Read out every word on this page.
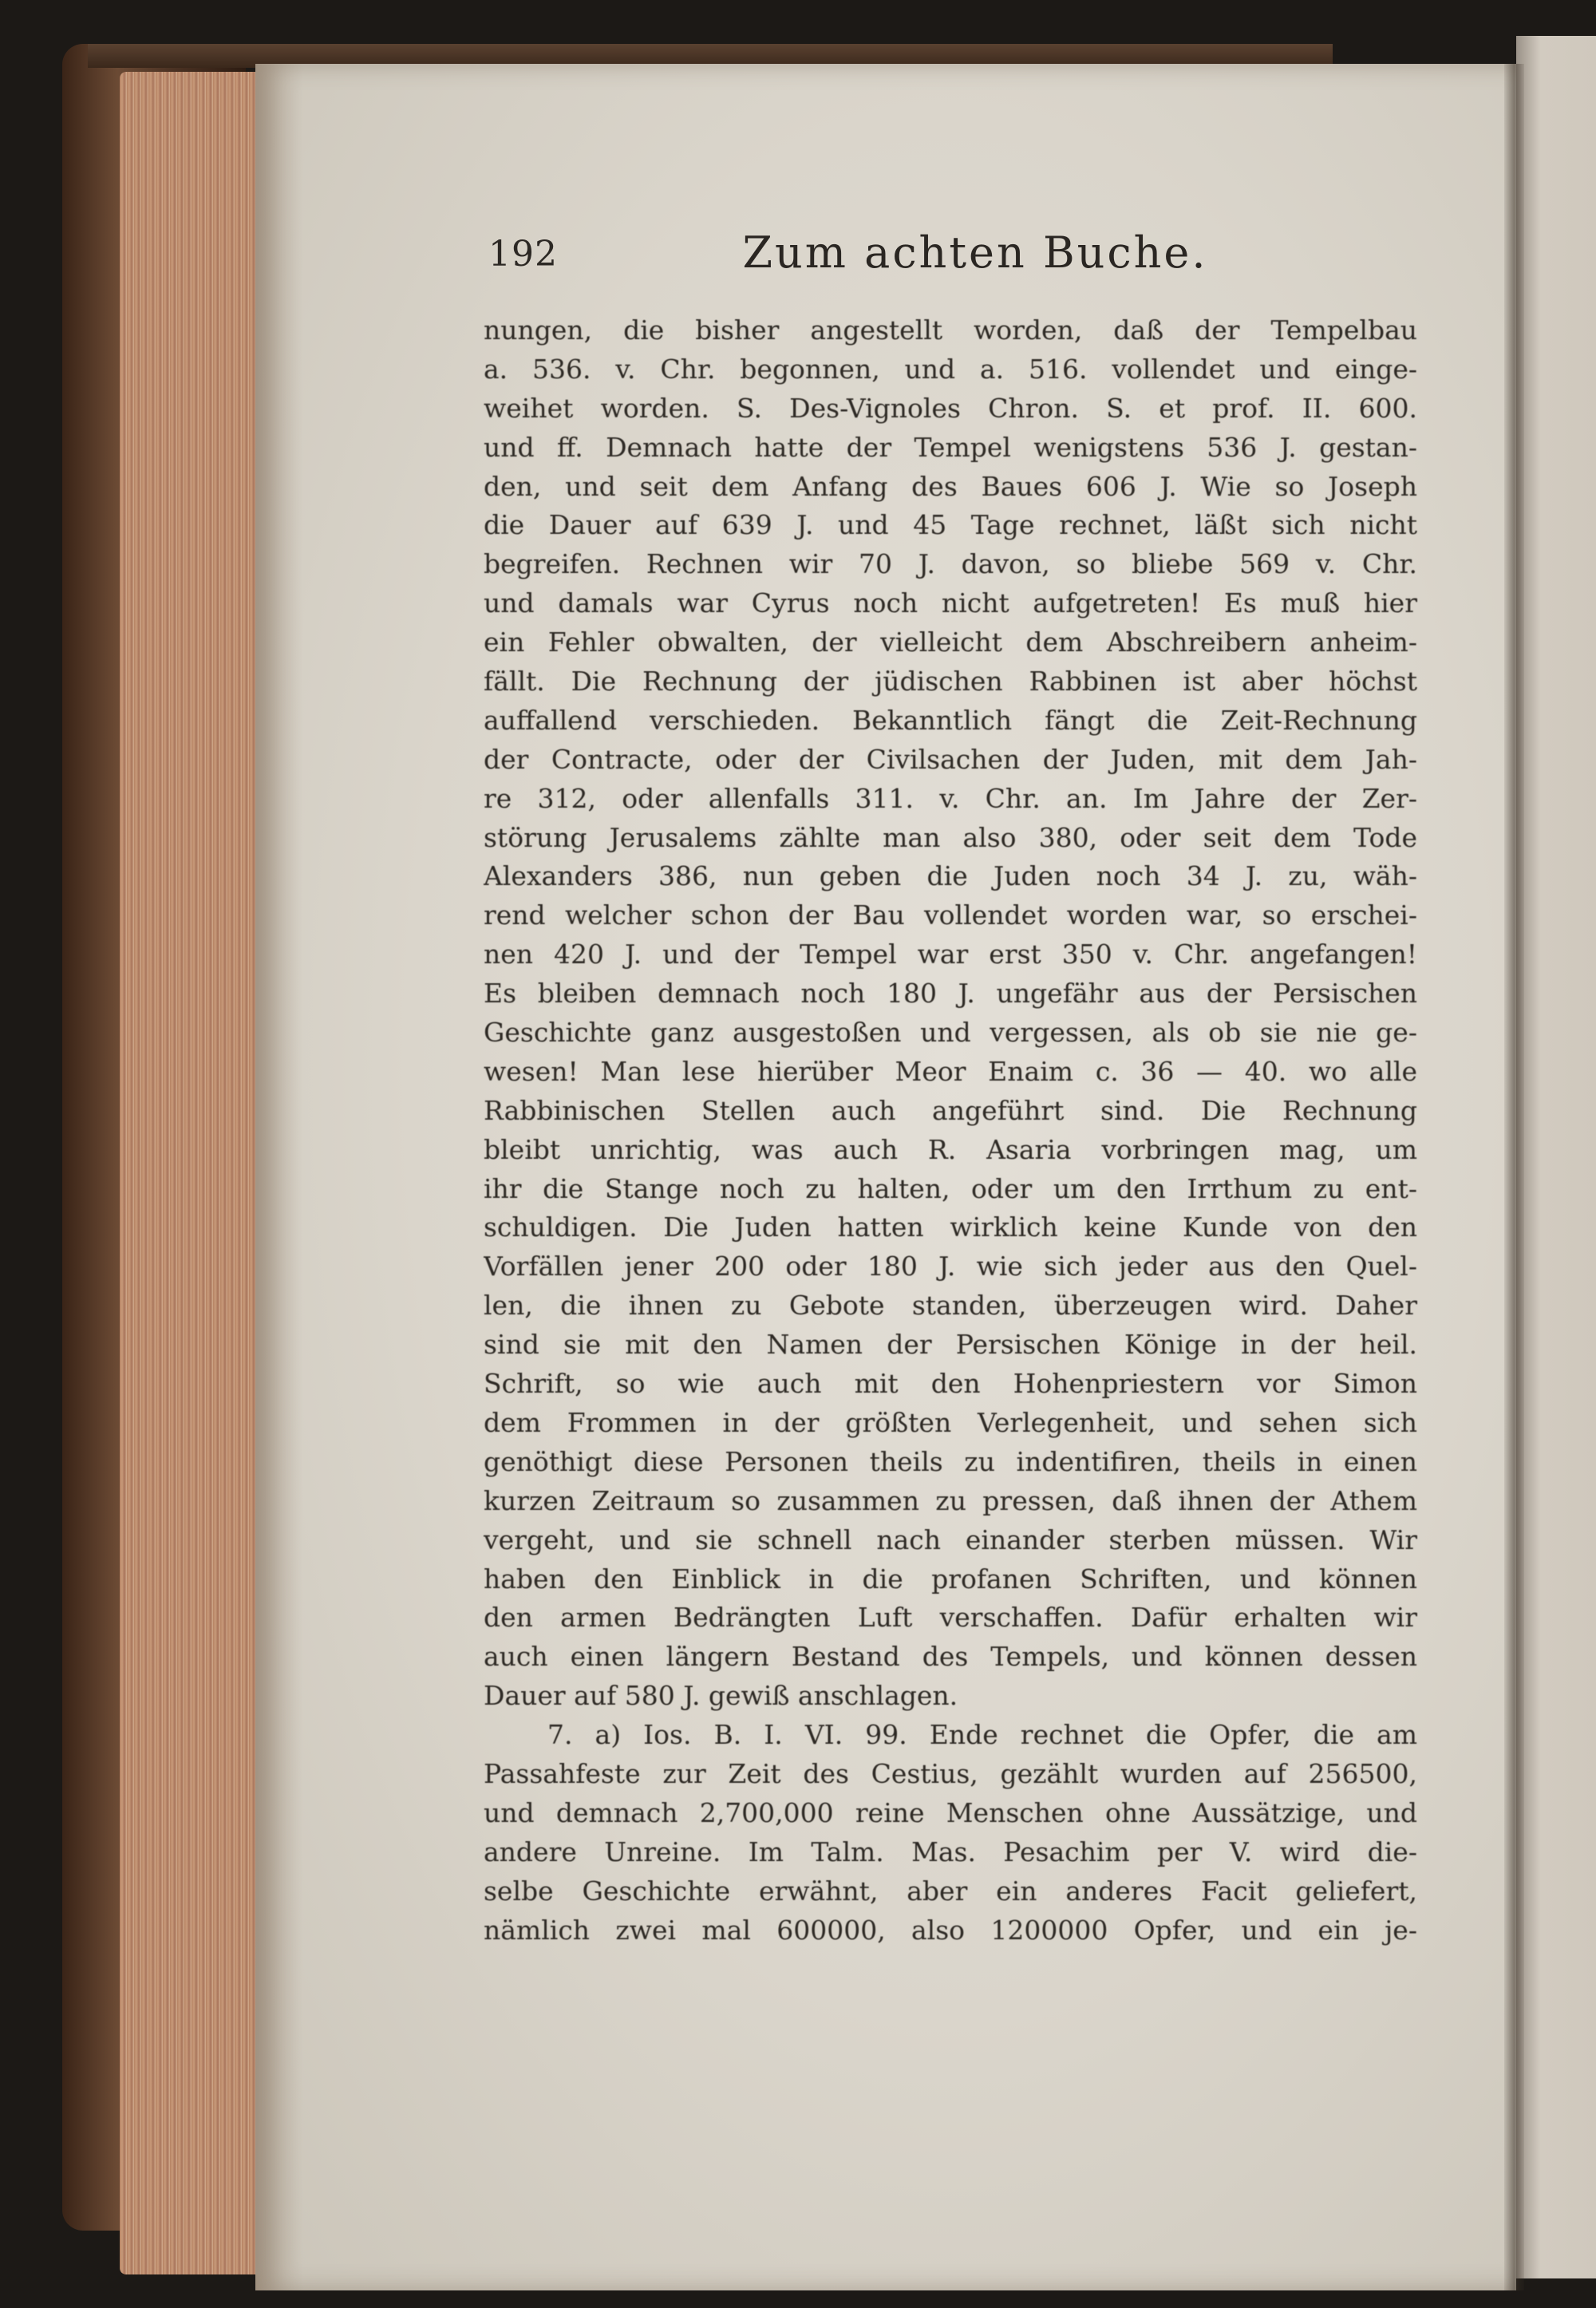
192	Zum achten Buche.
nungen, die bisher angestellt worden, daß der Tempelbau
a. 536. v. Chr. begonnen, und a. 516. vollendet und einge-
weihet worden. S. Des-Vignoles Chron. S. et prof. II. 600.
und ff. Demnach hatte der Tempel wenigstens 536 J. gestan-
den, und seit dem Anfang des Baues 606 J. Wie so Joseph
die Dauer auf 639 J. und 45 Tage rechnet, läßt sich nicht
begreifen. Rechnen wir 70 J. davon, so bliebe 569 v. Chr.
und damals war Cyrus noch nicht aufgetreten! Es muß hier
ein Fehler obwalten, der vielleicht dem Abschreibern anheim-
fällt. Die Rechnung der jüdischen Rabbinen ist aber höchst
auffallend verschieden. Bekanntlich fängt die Zeit-Rechnung
der Contracte, oder der Civilsachen der Juden, mit dem Jah-
re 312, oder allenfalls 311. v. Chr. an. Im Jahre der Zer-
störung Jerusalems zählte man also 380, oder seit dem Tode
Alexanders 386, nun geben die Juden noch 34 J. zu, wäh-
rend welcher schon der Bau vollendet worden war, so erschei-
nen 420 J. und der Tempel war erst 350 v. Chr. angefangen!
Es bleiben demnach noch 180 J. ungefähr aus der Persischen
Geschichte ganz ausgestoßen und vergessen, als ob sie nie ge-
wesen! Man lese hierüber Meor Enaim c. 36 — 40. wo alle
Rabbinischen Stellen auch angeführt sind. Die Rechnung
bleibt unrichtig, was auch R. Asaria vorbringen mag, um
ihr die Stange noch zu halten, oder um den Irrthum zu ent-
schuldigen. Die Juden hatten wirklich keine Kunde von den
Vorfällen jener 200 oder 180 J. wie sich jeder aus den Quel-
len, die ihnen zu Gebote standen, überzeugen wird. Daher
sind sie mit den Namen der Persischen Könige in der heil.
Schrift, so wie auch mit den Hohenpriestern vor Simon
dem Frommen in der größten Verlegenheit, und sehen sich
genöthigt diese Personen theils zu indentifiren, theils in einen
kurzen Zeitraum so zusammen zu pressen, daß ihnen der Athem
vergeht, und sie schnell nach einander sterben müssen. Wir
haben den Einblick in die profanen Schriften, und können
den armen Bedrängten Luft verschaffen. Dafür erhalten wir
auch einen längern Bestand des Tempels, und können dessen
Dauer auf 580 J. gewiß anschlagen.
7. a) Ios. B. I. VI. 99. Ende rechnet die Opfer, die am
Passahfeste zur Zeit des Cestius, gezählt wurden auf 256500,
und demnach 2,700,000 reine Menschen ohne Aussätzige, und
andere Unreine. Im Talm. Mas. Pesachim per V. wird die-
selbe Geschichte erwähnt, aber ein anderes Facit geliefert,
nämlich zwei mal 600000, also 1200000 Opfer, und ein je-
